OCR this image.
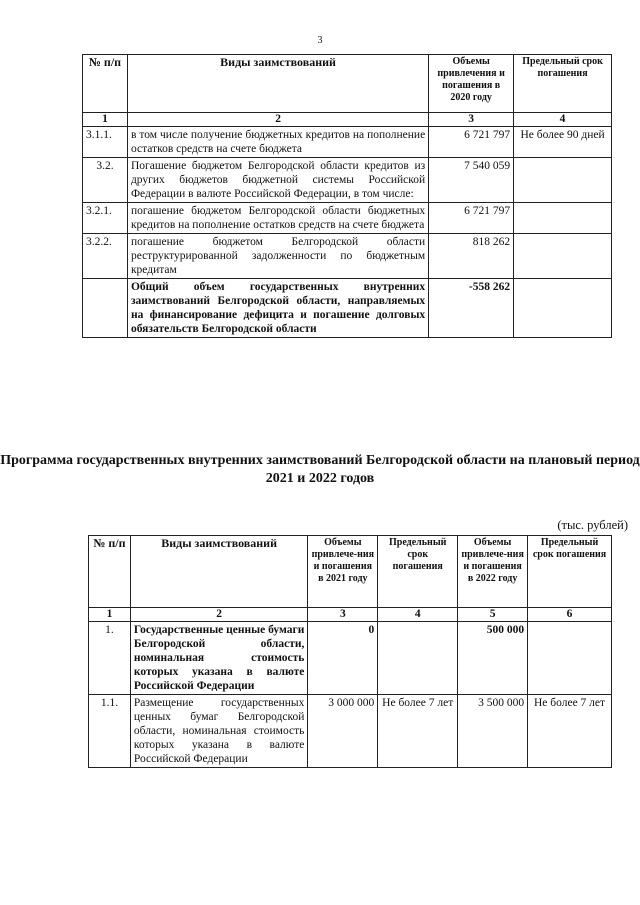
3
№ п/п	Виды заимствований	Объемы привлечения и погашения в 2020 году	Предельный срок погашения
1	2	3	4
3.1.1.	в том числе получение бюджетных кредитов на пополнение остатков средств на счете бюджета	6 721 797	Не более 90 дней
3.2.	Погашение бюджетом Белгородской области кредитов из других бюджетов бюджетной системы Российской Федерации в валюте Российской Федерации, в том числе:	7 540 059	
3.2.1.	погашение бюджетом Белгородской области бюджетных кредитов на пополнение остатков средств на счете бюджета	6 721 797	
3.2.2.	погашение бюджетом Белгородской области реструктурированной задолженности по бюджетным кредитам	818 262	
	Общий объем государственных внутренних заимствований Белгородской области, направляемых на финансирование дефицита и погашение долговых обязательств Белгородской области	-558 262	
Программа государственных внутренних заимствований Белгородской области на плановый период 2021 и 2022 годов
(тыс. рублей)
№ п/п	Виды заимствований	Объемы привлече-ния и погашения в 2021 году	Предельный срок погашения	Объемы привлече-ния и погашения в 2022 году	Предельный срок погашения
1	2	3	4	5	6
1.	Государственные ценные бумаги Белгородской области, номинальная стоимость которых указана в валюте Российской Федерации	0		500 000	
1.1.	Размещение государственных ценных бумаг Белгородской области, номинальная стоимость которых указана в валюте Российской Федерации	3 000 000	Не более 7 лет	3 500 000	Не более 7 лет
